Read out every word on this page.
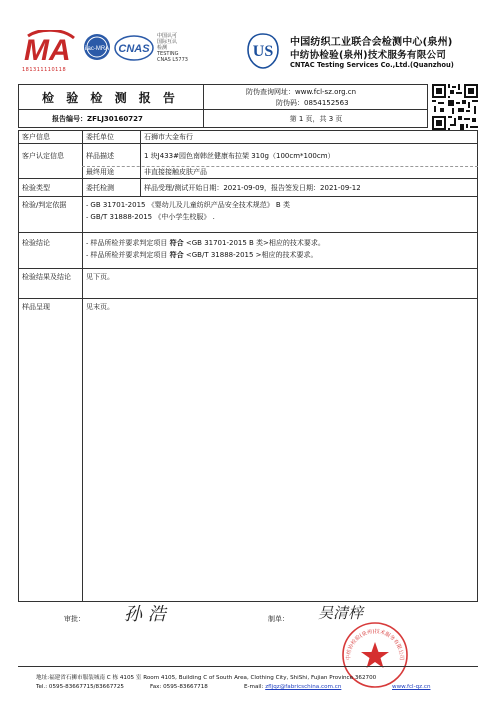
MA
181311110118
ilac-MRA CNAS
中国认可
国际互认
检测
TESTING
CNAS L5773	US
中国纺织工业联合会检测中心(泉州)
中纺协检验(泉州)技术服务有限公司
CNTAC Testing Services Co.,Ltd.(Quanzhou)
检 验 检 测 报 告
报告编号： ZFLJ30160727
防伪查询网址：www.fcl-sz.org.cn
防伪码：0854152563
第 1 页，共 3 页
客户信息	委托单位	石狮市大金布行
客户认定信息	样品描述	1 块J433#园色南韩丝健康布拉架 310g（100cm*100cm）
最终用途	非直接接触皮肤产品
检验类型	委托检测	样品受理/测试开始日期：2021-09-09，报告签发日期：2021-09-12
检验/判定依据	- GB 31701-2015 《婴幼儿及儿童纺织产品安全技术规范》 B 类
- GB/T 31888-2015 《中小学生校服》 .
检验结论	- 样品所检并要求判定项目 符合 <GB 31701-2015 B 类>相应的技术要求。
- 样品所检并要求判定项目 符合 <GB/T 31888-2015 >相应的技术要求。
检验结果及结论	见下页。
样品呈现	见末页。
审批： 孙 浩	制单： 吴清梓
中纺协检验(泉州)技术服务有限公司
地址:福建省石狮市服装城南 C 栋 4105 室 Room 4105, Building C of South Area, Clothing City, ShiShi, Fujian Province 362700
Tel.: 0595-83667715/83667725	Fax: 0595-83667718	E-mail: zfljqz@fabricschina.com.cn	www.fcl-qz.cn
